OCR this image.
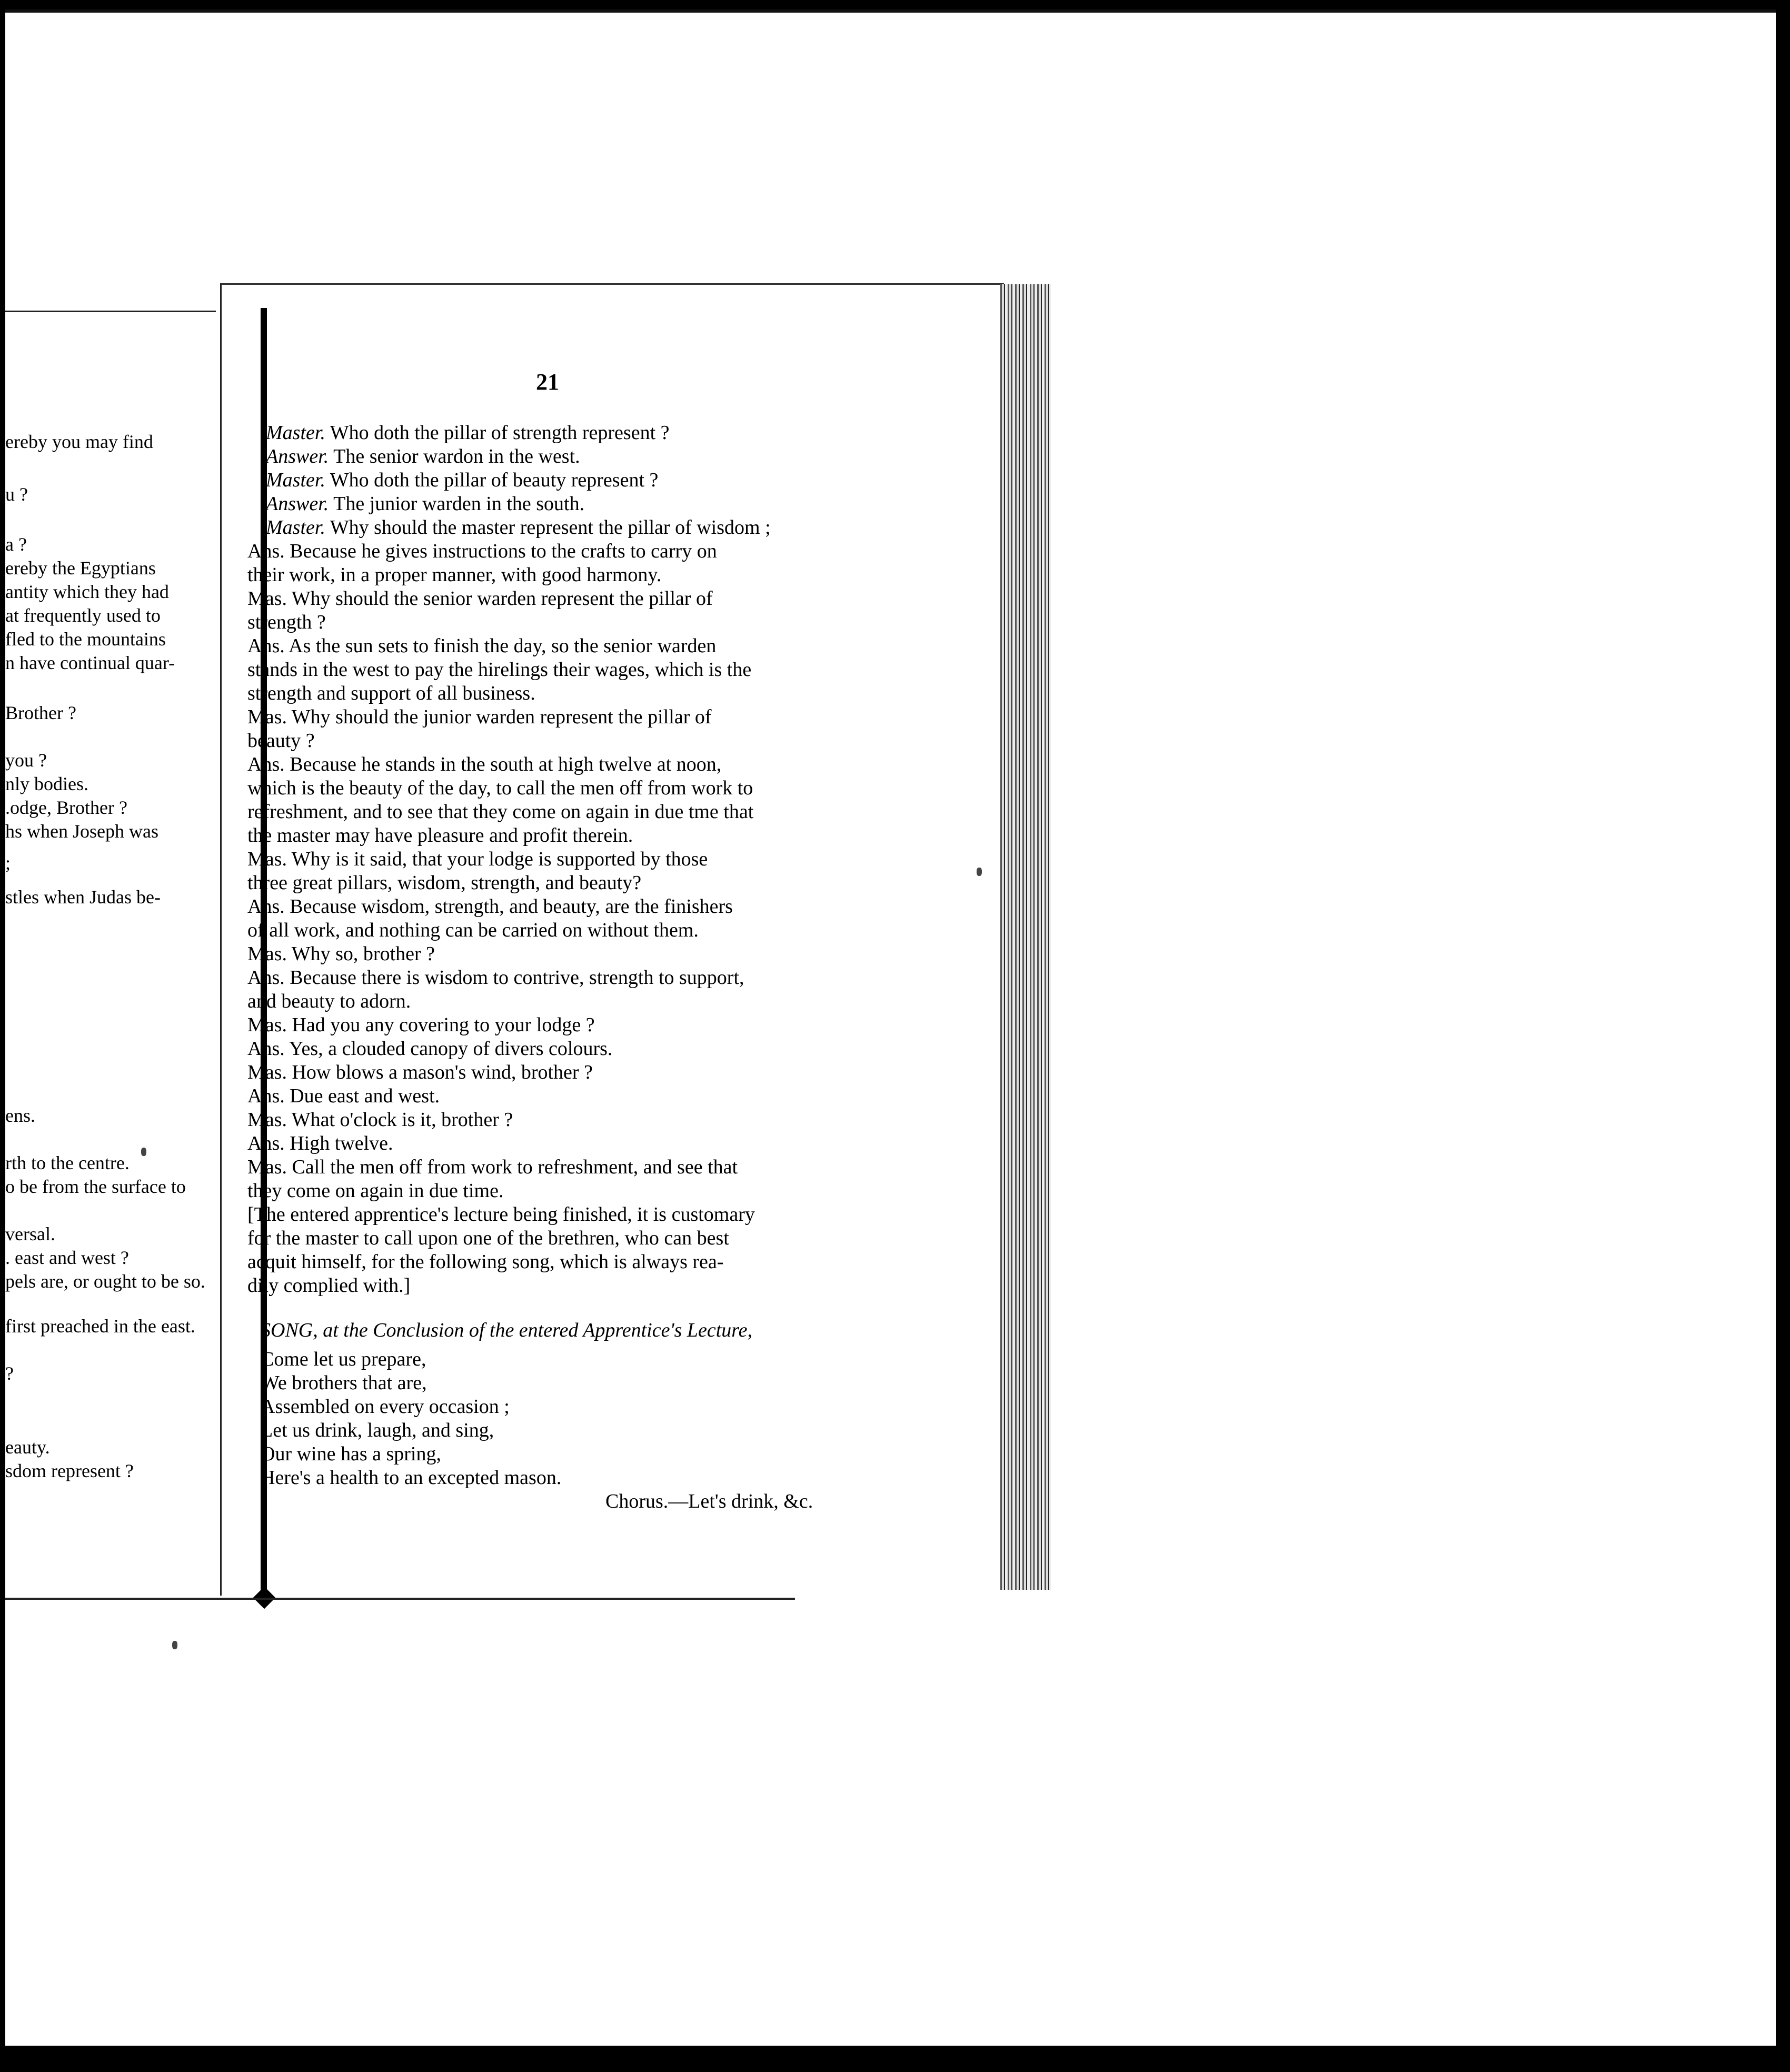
ereby you may find
u ?
a ?
ereby the Egyptians
antity which they had
at frequently used to
fled to the mountains
n have continual quar-
Brother ?
you ?
nly bodies.
.odge, Brother ?
hs when Joseph was
;
stles when Judas be-
ens.
rth to the centre.
o be from the surface to
versal.
. east and west ?
pels are, or ought to be so.
first preached in the east.
?
eauty.
sdom represent ?
21
Master. Who doth the pillar of strength represent ?
Answer. The senior wardon in the west.
Master. Who doth the pillar of beauty represent ?
Answer. The junior warden in the south.
Master. Why should the master represent the pillar of wisdom ;
Ans. Because he gives instructions to the crafts to carry on
their work, in a proper manner, with good harmony.
Mas. Why should the senior warden represent the pillar of
strength ?
Ans. As the sun sets to finish the day, so the senior warden
stands in the west to pay the hirelings their wages, which is the
strength and support of all business.
Mas. Why should the junior warden represent the pillar of
beauty ?
Ans. Because he stands in the south at high twelve at noon,
which is the beauty of the day, to call the men off from work to
refreshment, and to see that they come on again in due tme that
the master may have pleasure and profit therein.
Mas. Why is it said, that your lodge is supported by those
three great pillars, wisdom, strength, and beauty?
Ans. Because wisdom, strength, and beauty, are the finishers
of all work, and nothing can be carried on without them.
Mas. Why so, brother ?
Ans. Because there is wisdom to contrive, strength to support,
and beauty to adorn.
Mas. Had you any covering to your lodge ?
Ans. Yes, a clouded canopy of divers colours.
Mas. How blows a mason's wind, brother ?
Ans. Due east and west.
Mas. What o'clock is it, brother ?
Ans. High twelve.
Mas. Call the men off from work to refreshment, and see that
they come on again in due time.
[The entered apprentice's lecture being finished, it is customary
for the master to call upon one of the brethren, who can best
acquit himself, for the following song, which is always rea-
dily complied with.]
SONG, at the Conclusion of the entered Apprentice's Lecture,
Come let us prepare,
We brothers that are,
Assembled on every occasion ;
Let us drink, laugh, and sing,
Our wine has a spring,
Here's a health to an excepted mason.
Chorus.—Let's drink, &c.
